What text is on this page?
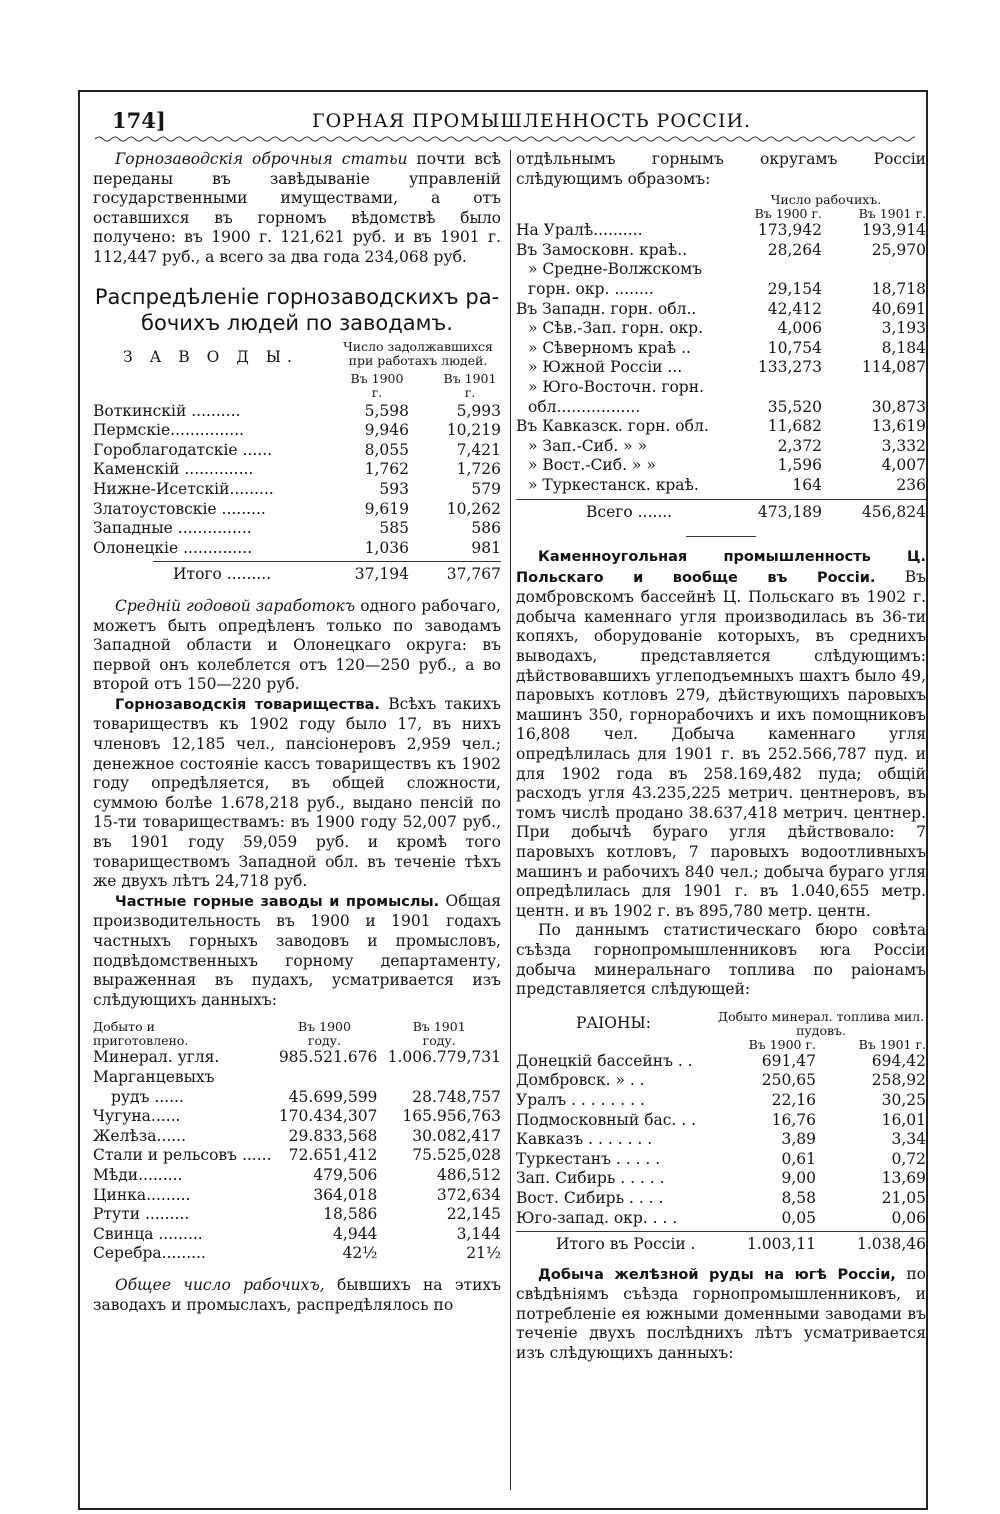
174]	ГОРНАЯ ПРОМЫШЛЕННОСТЬ РОССІИ.

Горнозаводскія оброчныя статьи почти всѣ переданы въ завѣдываніе управленій государственными имуществами, а отъ оставшихся въ горномъ вѣдомствѣ было получено: въ 1900 г. 121,621 руб. и въ 1901 г. 112,447 руб., а всего за два года 234,068 руб.

Распредѣленіе горнозаводскихъ ра-
бочихъ людей по заводамъ.
З А В О Д Ы.	Число задолжавшихся при работахъ людей.	
	Въ 1900 г.	Въ 1901 г.
Воткинскій ..........	5,598	5,993
Пермскіе...............	9,946	10,219
Гороблагодатскіе ......	8,055	7,421
Каменскій ..............	1,762	1,726
Нижне-Исетскій.........	593	579
Златоустовскіе .........	9,619	10,262
Западные ...............	585	586
Олонецкіе ..............	1,036	981

Итого .........	37,194	37,767

Средній годовой заработокъ одного рабочаго, можетъ быть опредѣленъ только по заводамъ Западной области и Олонецкаго округа: въ первой онъ колеблется отъ 120—250 руб., а во второй отъ 150—220 руб.

Горнозаводскія товарищества. Всѣхъ такихъ товариществъ къ 1902 году было 17, въ нихъ членовъ 12,185 чел., пансіонеровъ 2,959 чел.; денежное состояніе кассъ товариществъ къ 1902 году опредѣляется, въ общей сложности, суммою болѣе 1.678,218 руб., выдано пенсій по 15-ти товариществамъ: въ 1900 году 52,007 руб., въ 1901 году 59,059 руб. и кромѣ того товариществомъ Западной обл. въ теченіе тѣхъ же двухъ лѣтъ 24,718 руб.

Частные горные заводы и промыслы. Общая производительность въ 1900 и 1901 годахъ частныхъ горныхъ заводовъ и промысловъ, подвѣдомственныхъ горному департаменту, выраженная въ пудахъ, усматривается изъ слѣдующихъ данныхъ:

Добыто и приготовлено.	Въ 1900 году.	Въ 1901 году.
Минерал. угля.	985.521.676	1.006.779,731
Марганцевыхъ		
рудъ ......	45.699,599	28.748,757
Чугуна......	170.434,307	165.956,763
Желѣза......	29.833,568	30.082,417
Стали и рельсовъ ......	72.651,412	75.525,028
Мѣди.........	479,506	486,512
Цинка.........	364,018	372,634
Ртути .........	18,586	22,145
Свинца .........	4,944	3,144
Серебра.........	42½	21½

Общее число рабочихъ, бывшихъ на этихъ заводахъ и промыслахъ, распредѣлялось по

отдѣльнымъ горнымъ округамъ Россіи слѣдующимъ образомъ:

	Число рабочихъ.	
	Въ 1900 г.	Въ 1901 г.
На Уралѣ..........	173,942	193,914
Въ Замосковн. краѣ..	28,264	25,970
» Средне-Волжскомъ		
горн. окр. ........	29,154	18,718
Въ Западн. горн. обл..	42,412	40,691
» Сѣв.-Зап. горн. окр.	4,006	3,193
» Сѣверномъ краѣ ..	10,754	8,184
» Южной Россіи ...	133,273	114,087
» Юго-Восточн. горн.		
обл.................	35,520	30,873
Въ Кавказск. горн. обл.	11,682	13,619
» Зап.-Сиб. » »	2,372	3,332
» Вост.-Сиб. » »	1,596	4,007
» Туркестанск. краѣ.	164	236

Всего .......	473,189	456,824

Каменноугольная промышленность Ц. Польскаго и вообще въ Россіи. Въ домбровскомъ бассейнѣ Ц. Польскаго въ 1902 г. добыча каменнаго угля производилась въ 36-ти копяхъ, оборудованіе которыхъ, въ среднихъ выводахъ, представляется слѣдующимъ: дѣйствовавшихъ углеподъемныхъ шахтъ было 49, паровыхъ котловъ 279, дѣйствующихъ паровыхъ машинъ 350, горнорабочихъ и ихъ помощниковъ 16,808 чел. Добыча каменнаго угля опредѣлилась для 1901 г. въ 252.566,787 пуд. и для 1902 года въ 258.169,482 пуда; общій расходъ угля 43.235,225 метрич. центнеровъ, въ томъ числѣ продано 38.637,418 метрич. центнер. При добычѣ бураго угля дѣйствовало: 7 паровыхъ котловъ, 7 паровыхъ водоотливныхъ машинъ и рабочихъ 840 чел.; добыча бураго угля опредѣлилась для 1901 г. въ 1.040,655 метр. центн. и въ 1902 г. въ 895,780 метр. центн.

По даннымъ статистическаго бюро совѣта съѣзда горнопромышленниковъ юга Россіи добыча минеральнаго топлива по раіонамъ представляется слѣдующей:

РАІОНЫ:	Добыто минерал. топлива мил. пудовъ.	
	Въ 1900 г.	Въ 1901 г.
Донецкій бассейнъ . .	691,47	694,42
Домбровск. » . .	250,65	258,92
Уралъ . . . . . . . .	22,16	30,25
Подмосковный бас. . .	16,76	16,01
Кавказъ . . . . . . .	3,89	3,34
Туркестанъ . . . . .	0,61	0,72
Зап. Сибирь . . . . .	9,00	13,69
Вост. Сибирь . . . .	8,58	21,05
Юго-запад. окр. . . .	0,05	0,06

Итого въ Россіи .	1.003,11	1.038,46

Добыча желѣзной руды на югѣ Россіи, по свѣдѣніямъ съѣзда горнопромышленниковъ, и потребленіе ея южными доменными заводами въ теченіе двухъ послѣднихъ лѣтъ усматривается изъ слѣдующихъ данныхъ:
